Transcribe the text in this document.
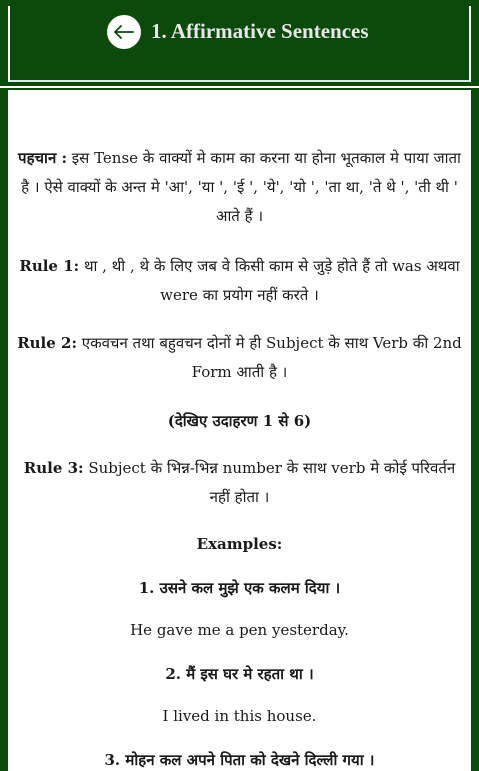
1. Affirmative Sentences

पहचान : इस Tense के वाक्यों मे काम का करना या होना भूतकाल मे पाया जाता है । ऐसे वाक्यों के अन्त मे 'आ', 'या ', 'ई ', 'ये', 'यो ', 'ता था, 'ते थे ', 'ती थी ' आते हैं ।

Rule 1: था , थी , थे के लिए जब वे किसी काम से जुड़े होते हैं तो was अथवा were का प्रयोग नहीं करते ।

Rule 2: एकवचन तथा बहुवचन दोनों मे ही Subject के साथ Verb की 2nd Form आती है ।

(देखिए उदाहरण 1 से 6)

Rule 3: Subject के भिन्न-भिन्न number के साथ verb मे कोई परिवर्तन नहीं होता ।

Examples:

1. उसने कल मुझे एक कलम दिया ।

He gave me a pen yesterday.

2. मैं इस घर मे रहता था ।

I lived in this house.

3. मोहन कल अपने पिता को देखने दिल्ली गया ।
